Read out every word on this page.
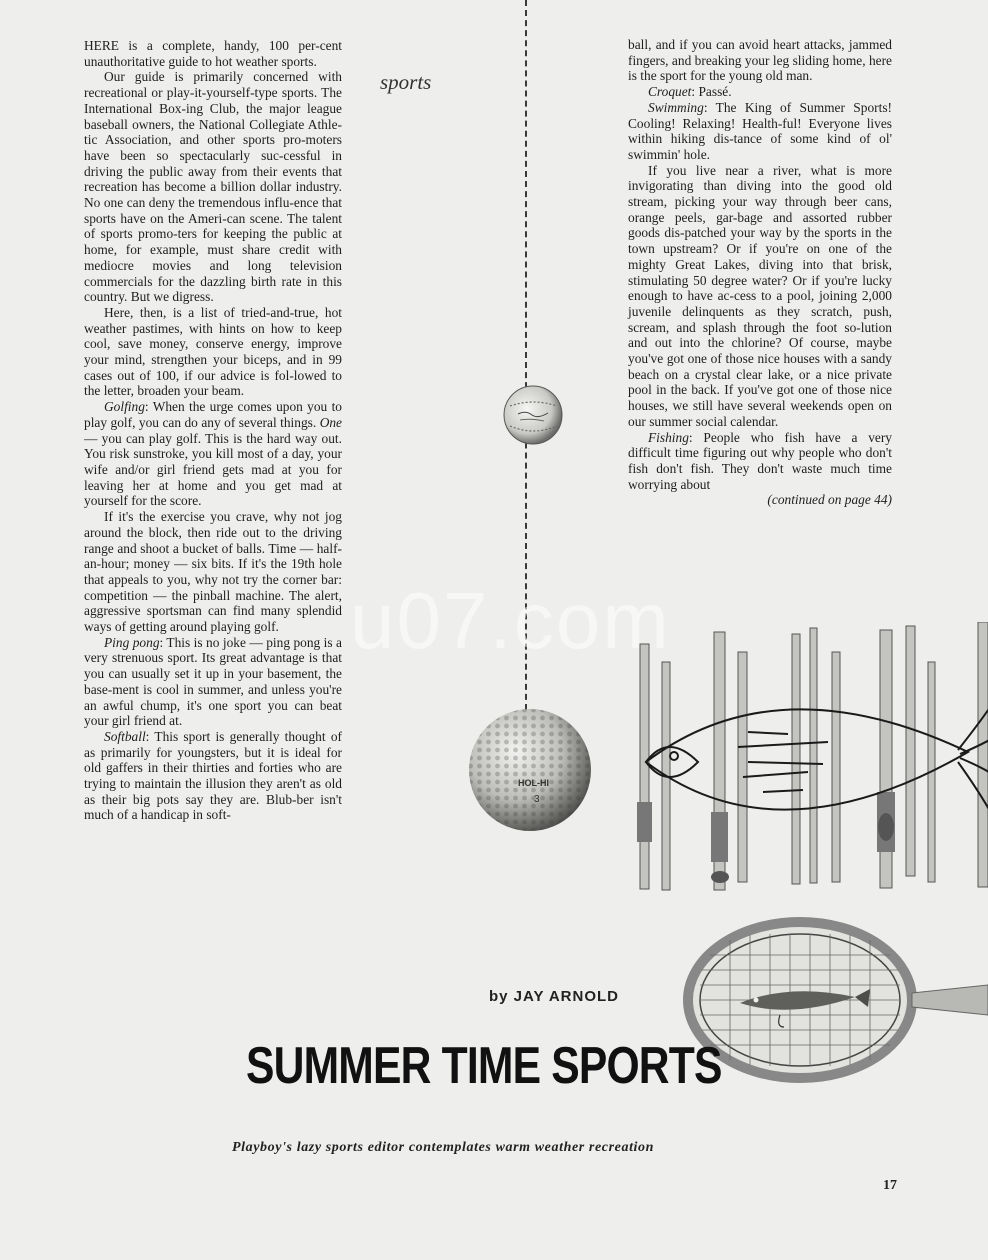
sports

HERE is a complete, handy, 100 per-cent unauthoritative guide to hot weather sports.

Our guide is primarily concerned with recreational or play-it-yourself-type sports. The International Box-ing Club, the major league baseball owners, the National Collegiate Athle-tic Association, and other sports pro-moters have been so spectacularly suc-cessful in driving the public away from their events that recreation has become a billion dollar industry. No one can deny the tremendous influ-ence that sports have on the Ameri-can scene. The talent of sports promo-ters for keeping the public at home, for example, must share credit with mediocre movies and long television commercials for the dazzling birth rate in this country. But we digress.

Here, then, is a list of tried-and-true, hot weather pastimes, with hints on how to keep cool, save money, conserve energy, improve your mind, strengthen your biceps, and in 99 cases out of 100, if our advice is fol-lowed to the letter, broaden your beam.

Golfing: When the urge comes upon you to play golf, you can do any of several things. One — you can play golf. This is the hard way out. You risk sunstroke, you kill most of a day, your wife and/or girl friend gets mad at you for leaving her at home and you get mad at yourself for the score.

If it's the exercise you crave, why not jog around the block, then ride out to the driving range and shoot a bucket of balls. Time — half-an-hour; money — six bits. If it's the 19th hole that appeals to you, why not try the corner bar: competition — the pinball machine. The alert, aggressive sportsman can find many splendid ways of getting around playing golf.

Ping pong: This is no joke — ping pong is a very strenuous sport. Its great advantage is that you can usually set it up in your basement, the base-ment is cool in summer, and unless you're an awful chump, it's one sport you can beat your girl friend at.

Softball: This sport is generally thought of as primarily for youngsters, but it is ideal for old gaffers in their thirties and forties who are trying to maintain the illusion they aren't as old as their big pots say they are. Blub-ber isn't much of a handicap in soft-

ball, and if you can avoid heart attacks, jammed fingers, and breaking your leg sliding home, here is the sport for the young old man.

Croquet: Passé.

Swimming: The King of Summer Sports! Cooling! Relaxing! Health-ful! Everyone lives within hiking dis-tance of some kind of ol' swimmin' hole.

If you live near a river, what is more invigorating than diving into the good old stream, picking your way through beer cans, orange peels, gar-bage and assorted rubber goods dis-patched your way by the sports in the town upstream? Or if you're on one of the mighty Great Lakes, diving into that brisk, stimulating 50 degree water? Or if you're lucky enough to have ac-cess to a pool, joining 2,000 juvenile delinquents as they scratch, push, scream, and splash through the foot so-lution and out into the chlorine? Of course, maybe you've got one of those nice houses with a sandy beach on a crystal clear lake, or a nice private pool in the back. If you've got one of those nice houses, we still have several weekends open on our summer social calendar.

Fishing: People who fish have a very difficult time figuring out why people who don't fish don't fish. They don't waste much time worrying about

(continued on page 44)

HOL-HI
3
u07.com
by JAY ARNOLD
SUMMER TIME SPORTS
Playboy's lazy sports editor contemplates warm weather recreation
17
